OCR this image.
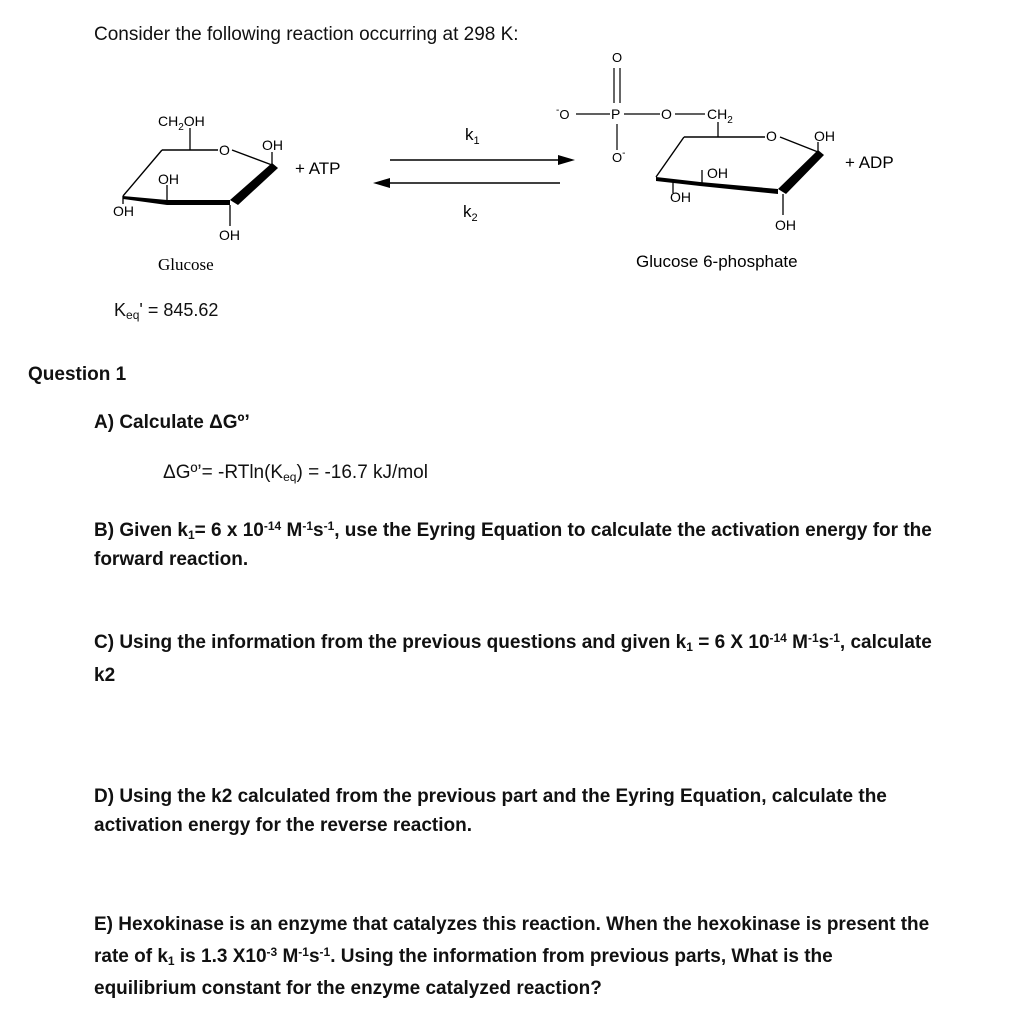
Consider the following reaction occurring at 298 K:
$CH_2OH$
O OH
OH
OH
OH
Glucose
+ ATP
$k_1$
$k_2$
-O	P	O	$CH_2$
O
O-
O	OH
OH
OH
OH
Glucose 6-phosphate
+ ADP
$K_{eq}' = 845.62$
Question 1
A) Calculate ΔGº’
ΔGº’= $-RTln(K_{eq}) = -16.7$ kJ/mol
B) Given $k_1= 6$ x $10^{-14}$ $M^{-1}s^{-1}$, use the Eyring Equation to calculate the activation energy for the
forward reaction.
C) Using the information from the previous questions and given $k_1 = 6$ X $10^{-14}$ $M^{-1}s^{-1}$, calculate
k2
D) Using the k2 calculated from the previous part and the Eyring Equation, calculate the
activation energy for the reverse reaction.
E) Hexokinase is an enzyme that catalyzes this reaction. When the hexokinase is present the
rate of $k_1$ is 1.3 $X10^{-3}$ $M^{-1}s^{-1}$. Using the information from previous parts, What is the
equilibrium constant for the enzyme catalyzed reaction?
